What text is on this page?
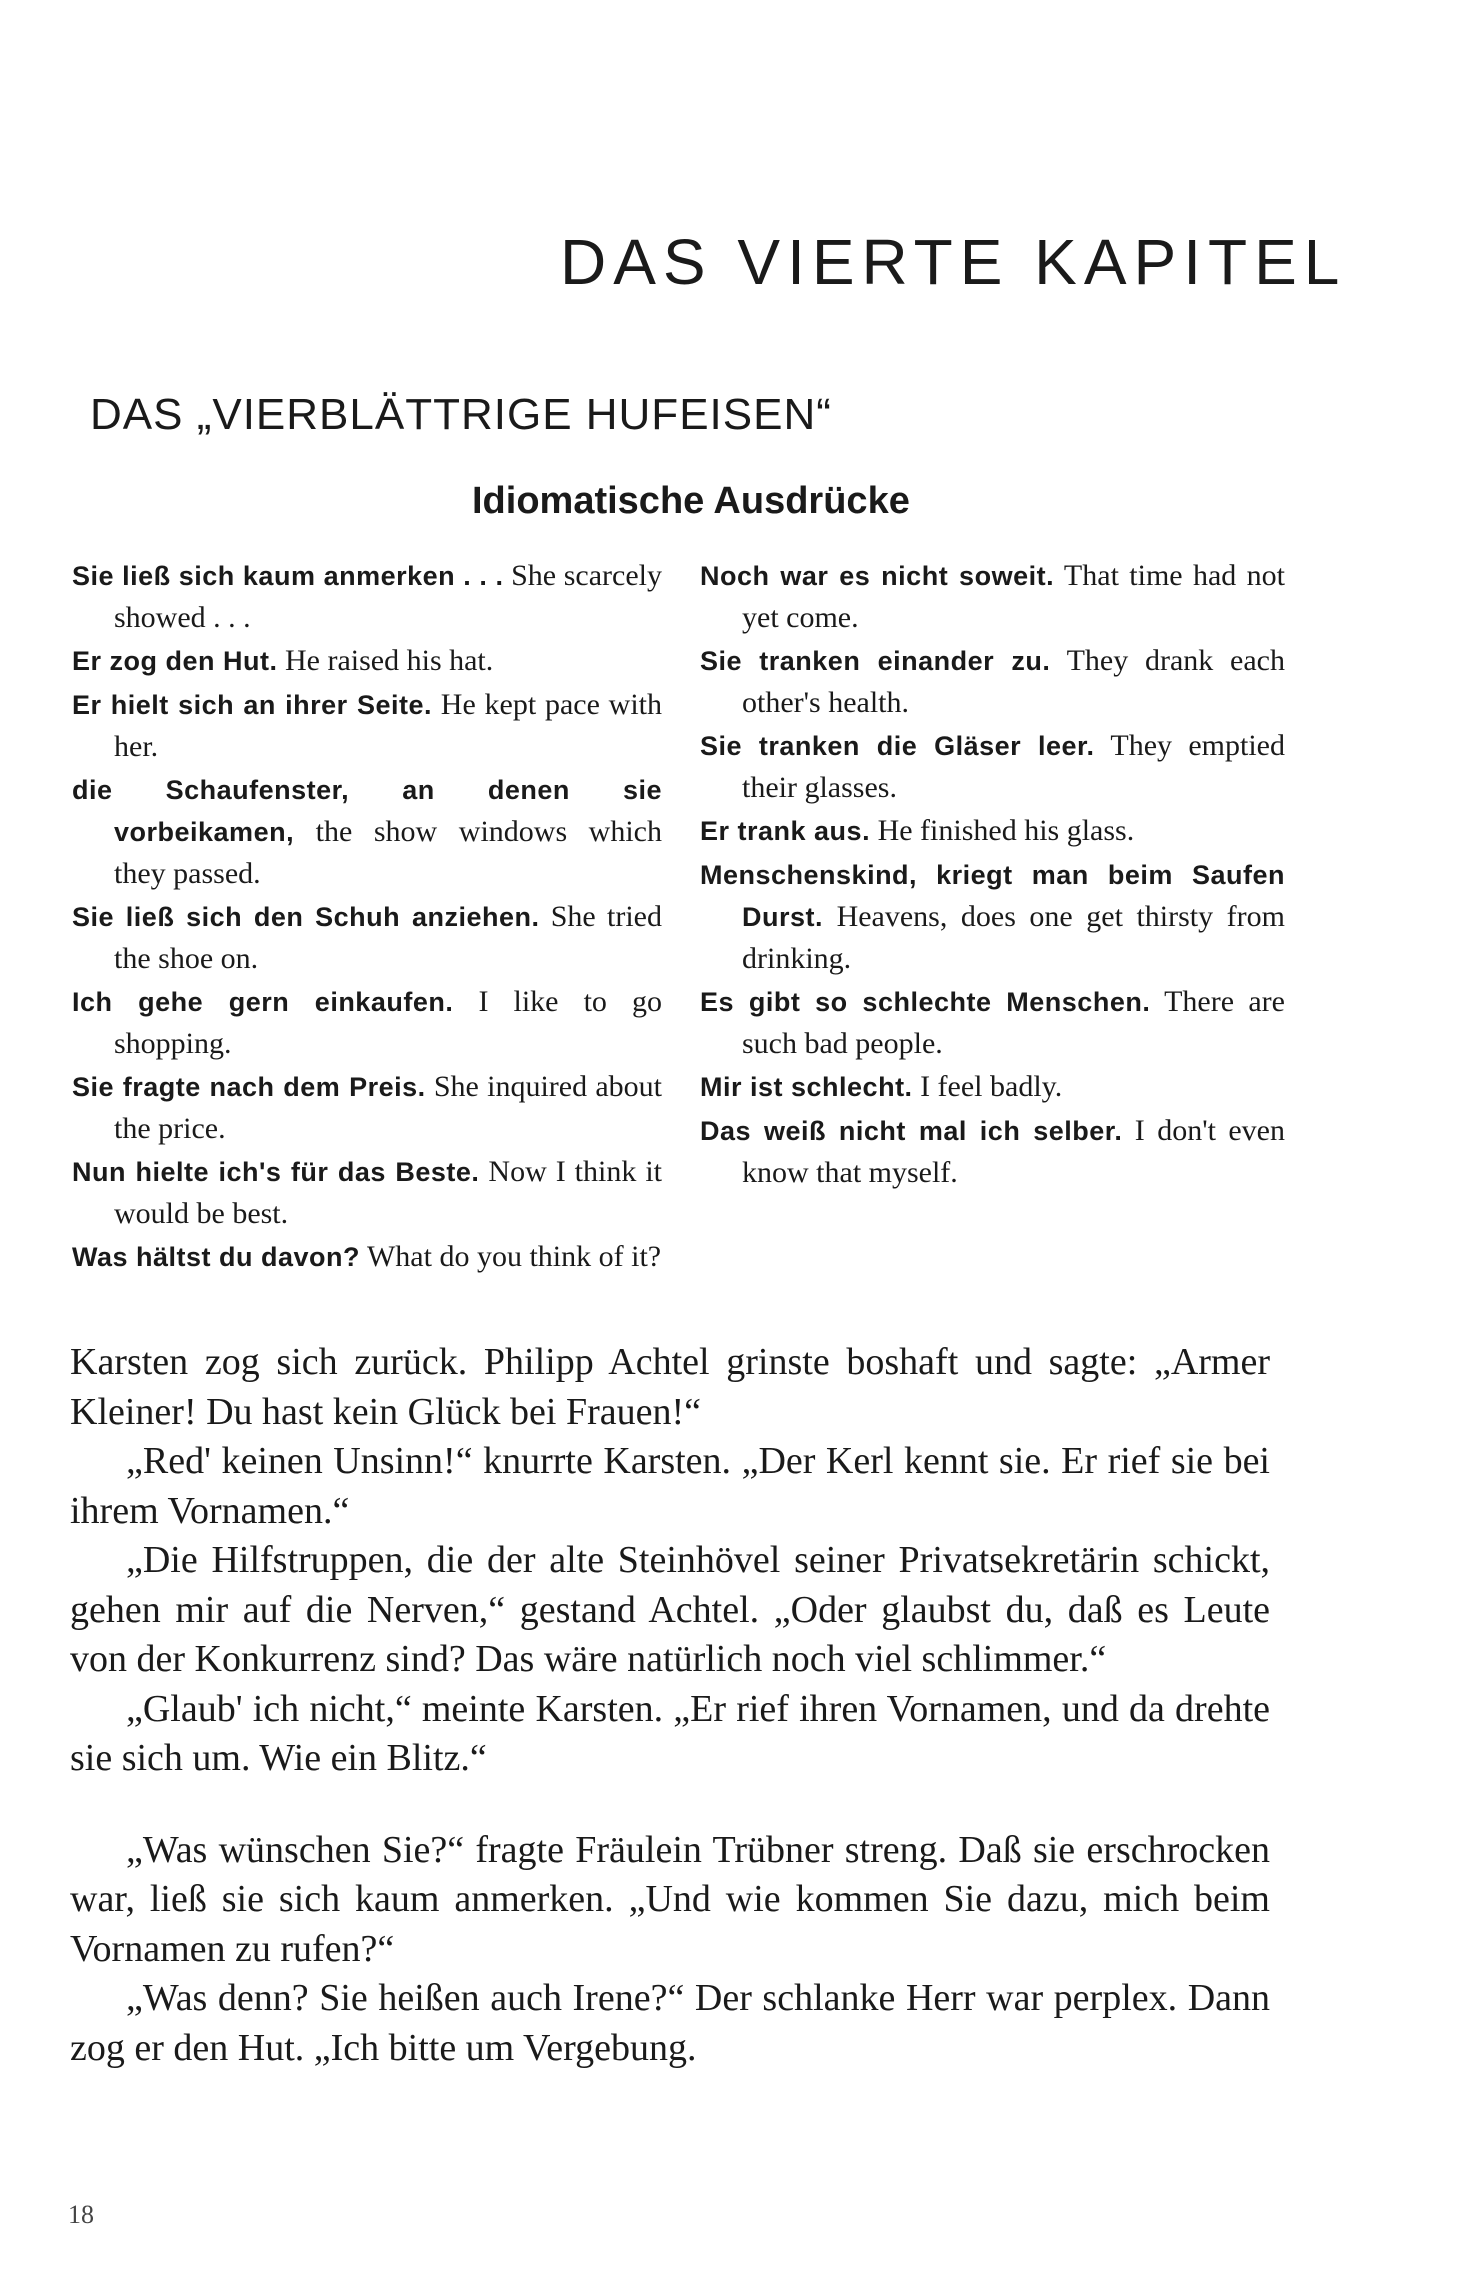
DAS VIERTE KAPITEL
DAS „VIERBLÄTTRIGE HUFEISEN“
Idiomatische Ausdrücke

Sie ließ sich kaum anmerken . . . She scarcely showed . . .

Er zog den Hut. He raised his hat.

Er hielt sich an ihrer Seite. He kept pace with her.

die Schaufenster, an denen sie vorbeikamen, the show windows which they passed.

Sie ließ sich den Schuh anziehen. She tried the shoe on.

Ich gehe gern einkaufen. I like to go shopping.

Sie fragte nach dem Preis. She inquired about the price.

Nun hielte ich's für das Beste. Now I think it would be best.

Was hältst du davon? What do you think of it?

Noch war es nicht soweit. That time had not yet come.

Sie tranken einander zu. They drank each other's health.

Sie tranken die Gläser leer. They emptied their glasses.

Er trank aus. He finished his glass.

Menschenskind, kriegt man beim Saufen Durst. Heavens, does one get thirsty from drinking.

Es gibt so schlechte Menschen. There are such bad people.

Mir ist schlecht. I feel badly.

Das weiß nicht mal ich selber. I don't even know that myself.

Karsten zog sich zurück. Philipp Achtel grinste boshaft und sagte: „Armer Kleiner! Du hast kein Glück bei Frauen!“

„Red' keinen Unsinn!“ knurrte Karsten. „Der Kerl kennt sie. Er rief sie bei ihrem Vornamen.“

„Die Hilfstruppen, die der alte Steinhövel seiner Privatsekretärin schickt, gehen mir auf die Nerven,“ gestand Achtel. „Oder glaubst du, daß es Leute von der Konkurrenz sind? Das wäre natürlich noch viel schlimmer.“

„Glaub' ich nicht,“ meinte Karsten. „Er rief ihren Vornamen, und da drehte sie sich um. Wie ein Blitz.“

„Was wünschen Sie?“ fragte Fräulein Trübner streng. Daß sie erschrocken war, ließ sie sich kaum anmerken. „Und wie kommen Sie dazu, mich beim Vornamen zu rufen?“

„Was denn? Sie heißen auch Irene?“ Der schlanke Herr war perplex. Dann zog er den Hut. „Ich bitte um Vergebung.

18
